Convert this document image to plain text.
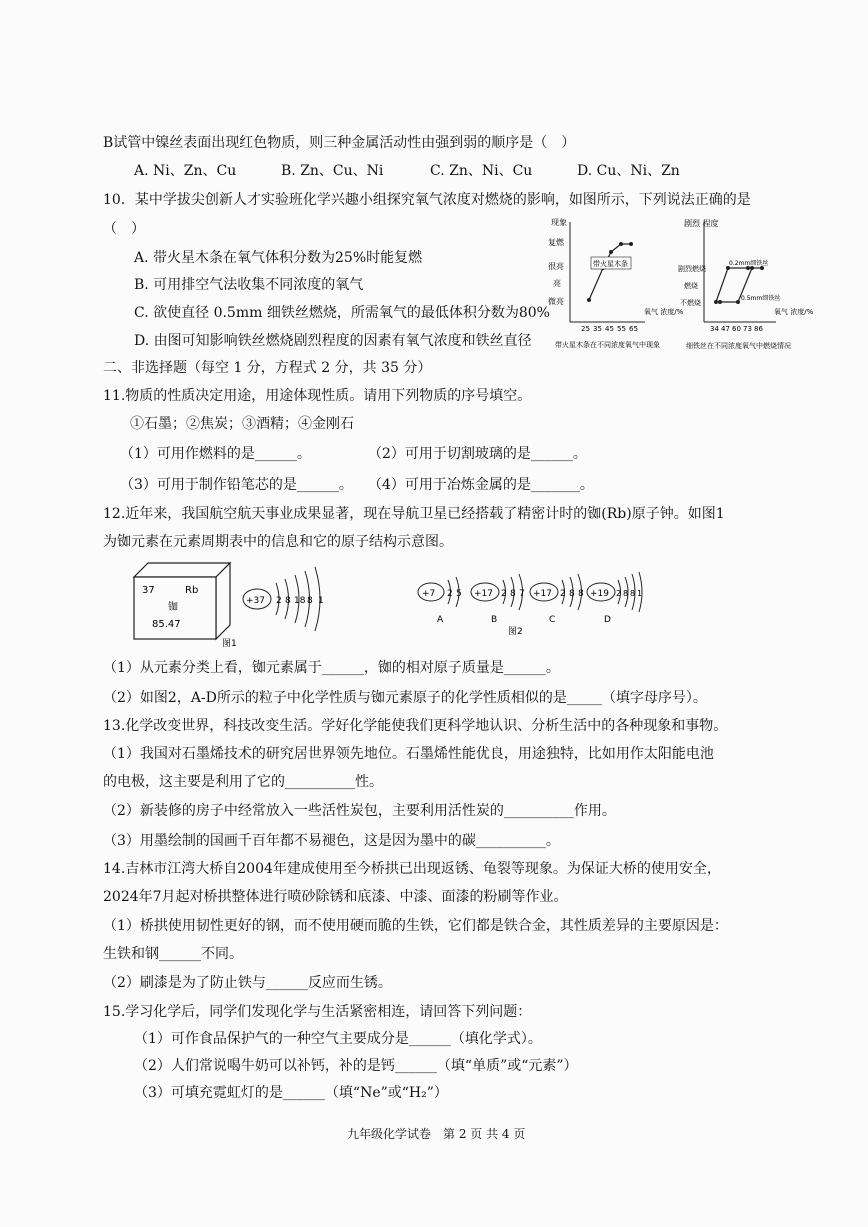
B试管中镍丝表面出现红色物质，则三种金属活动性由强到弱的顺序是（　）
A. Ni、Zn、Cu	B. Zn、Cu、Ni	C. Zn、Ni、Cu	D. Cu、Ni、Zn
10．某中学拔尖创新人才实验班化学兴趣小组探究氧气浓度对燃烧的影响，如图所示，下列说法正确的是
（　）
A. 带火星木条在氧气体积分数为25%时能复燃
B. 可用排空气法收集不同浓度的氧气
C. 欲使直径 0.5mm 细铁丝燃烧，所需氧气的最低体积分数为80%
D. 由图可知影响铁丝燃烧剧烈程度的因素有氧气浓度和铁丝直径
现象
复燃
很亮
亮
微亮
带火星木条
氧气 浓度/%
25 35 45 55 65
带火星木条在不同浓度氧气中现象
剧烈 程度
剧烈燃烧
燃烧
不燃烧
0.2mm细铁丝
0.5mm细铁丝
氧气 浓度/%
34 47 60 73 86
细铁丝在不同浓度氧气中燃烧情况
二、非选择题（每空 1 分，方程式 2 分，共 35 分）
11.物质的性质决定用途，用途体现性质。请用下列物质的序号填空。
①石墨；②焦炭；③酒精；④金刚石
（1）可用作燃料的是______。	（2）可用于切割玻璃的是______。
（3）可用于制作铅笔芯的是______。 （4）可用于冶炼金属的是_______。
12.近年来，我国航空航天事业成果显著，现在导航卫星已经搭载了精密计时的铷(Rb)原子钟。如图1
为铷元素在元素周期表中的信息和它的原子结构示意图。
37	Rb
铷
85.47
+37 2 8 18 8 1
图1
+7 2 5
A
+17 2 8 7
B
+17 2 8 8
C
+19 2 8 8 1
D
图2
（1）从元素分类上看，铷元素属于______，铷的相对原子质量是______。
（2）如图2，A-D所示的粒子中化学性质与铷元素原子的化学性质相似的是_____（填字母序号）。
13.化学改变世界，科技改变生活。学好化学能使我们更科学地认识、分析生活中的各种现象和事物。
（1）我国对石墨烯技术的研究居世界领先地位。石墨烯性能优良，用途独特，比如用作太阳能电池
的电极，这主要是利用了它的__________性。
（2）新装修的房子中经常放入一些活性炭包，主要利用活性炭的__________作用。
（3）用墨绘制的国画千百年都不易褪色，这是因为墨中的碳__________。
14.吉林市江湾大桥自2004年建成使用至今桥拱已出现返锈、龟裂等现象。为保证大桥的使用安全，
2024年7月起对桥拱整体进行喷砂除锈和底漆、中漆、面漆的粉刷等作业。
（1）桥拱使用韧性更好的钢，而不使用硬而脆的生铁，它们都是铁合金，其性质差异的主要原因是：
生铁和钢______不同。
（2）刷漆是为了防止铁与______反应而生锈。
15.学习化学后，同学们发现化学与生活紧密相连，请回答下列问题：
（1）可作食品保护气的一种空气主要成分是______（填化学式）。
（2）人们常说喝牛奶可以补钙，补的是钙______（填“单质”或“元素”）
（3）可填充霓虹灯的是______（填“Ne”或“H₂”）
九年级化学试卷　第 2 页 共 4 页
